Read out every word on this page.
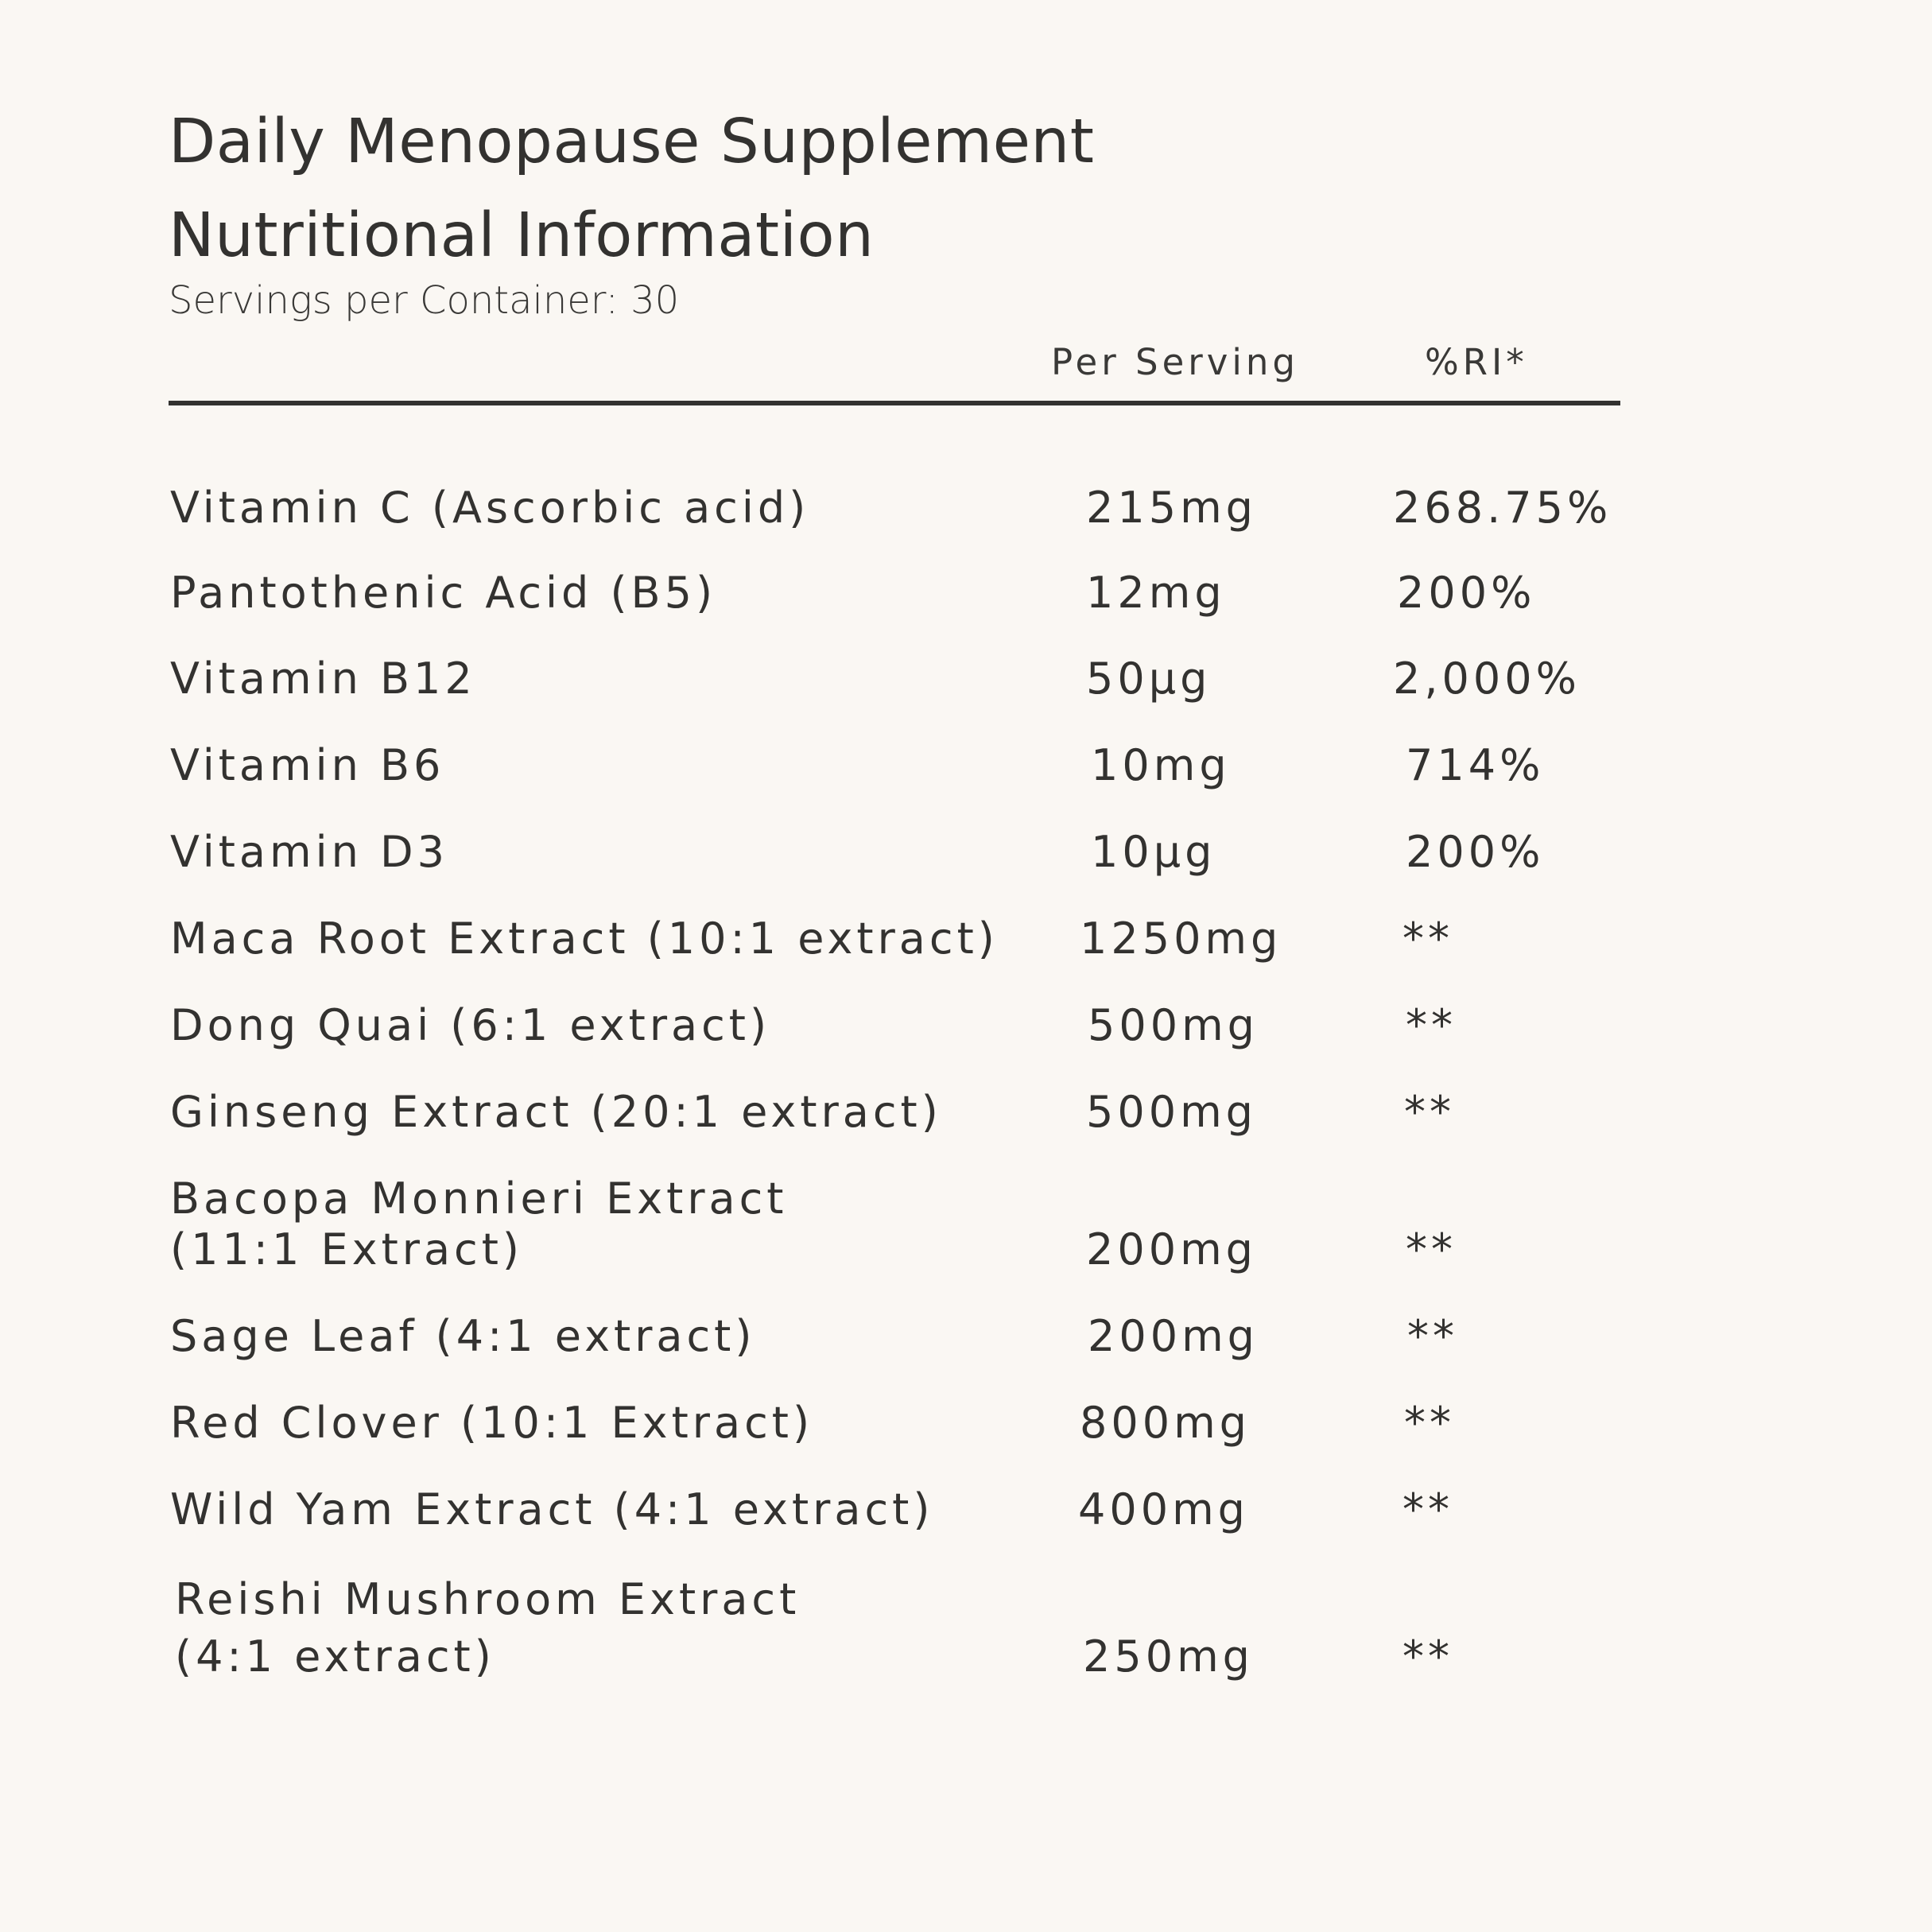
Daily Menopause Supplement
Nutritional Information
Servings per Container: 30
Per Serving	%RI*
Vitamin C (Ascorbic acid)	215mg	268.75%
Pantothenic Acid (B5)	12mg	200%
Vitamin B12	50µg	2,000%
Vitamin B6	10mg	714%
Vitamin D3	10µg	200%
Maca Root Extract (10:1 extract) 1250mg	**
Dong Quai (6:1 extract)	500mg	**
Ginseng Extract (20:1 extract)	500mg	**
Bacopa Monnieri Extract
(11:1 Extract)	200mg	**
Sage Leaf (4:1 extract)	200mg	**
Red Clover (10:1 Extract)	800mg	**
Wild Yam Extract (4:1 extract)	400mg	**
Reishi Mushroom Extract
(4:1 extract)	250mg	**
